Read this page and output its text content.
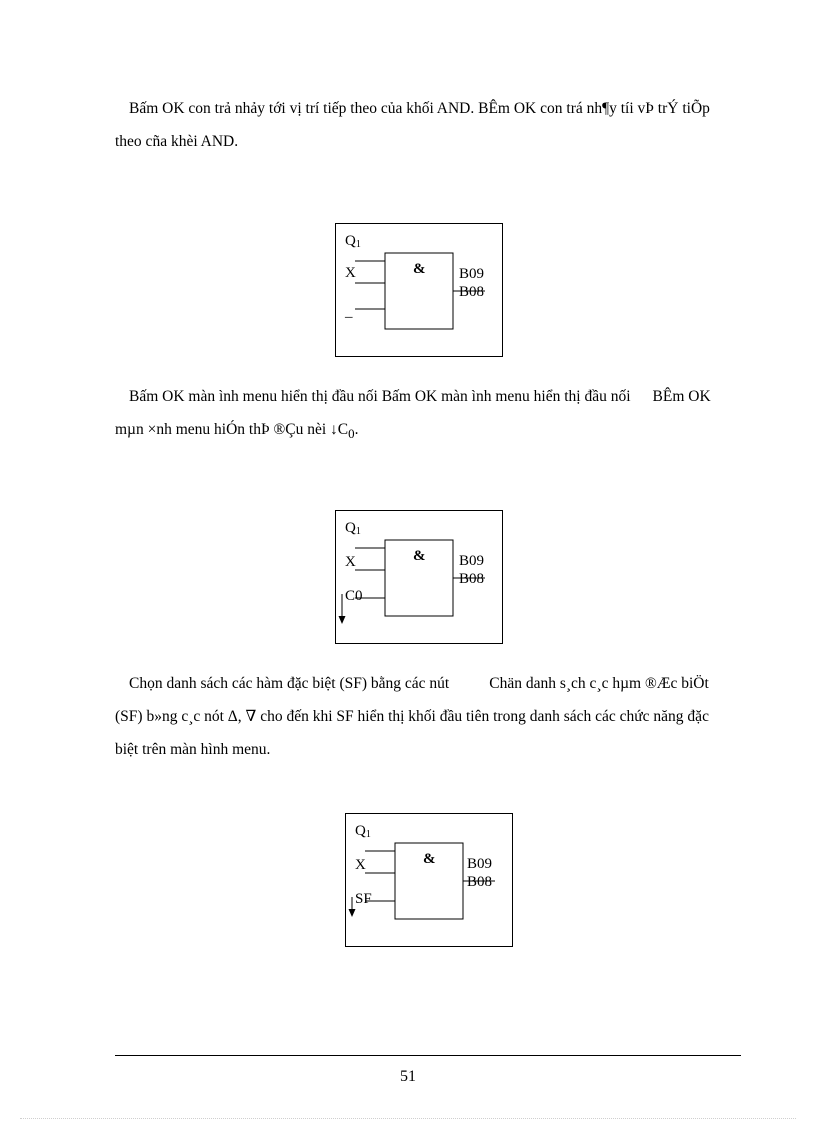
Bấm OK con trả nhảy tới vị trí tiếp theo của khối AND. BÊm OK con trá nh¶y tíi vÞ trÝ tiÕp theo cña khèi AND.

Q1
X
–
& B09
B08

Bấm OK màn ình menu hiển thị đầu nối Bấm OK màn ình menu hiển thị đầu nối BÊm OK mµn ×nh menu hiÓn thÞ ®Çu nèi $↓C_0$.

Q1
X
C0
& B09
B08

Chọn danh sách các hàm đặc biệt (SF) bằng các nút	Chän danh s¸ch c¸c hµm ®Æc biÖt (SF) b»ng c¸c nót Δ, ∇ cho đến khi SF hiển thị khối đầu tiên trong danh sách các chức năng đặc biệt trên màn hình menu.

Q1
X
SF
& B09
B08
51
